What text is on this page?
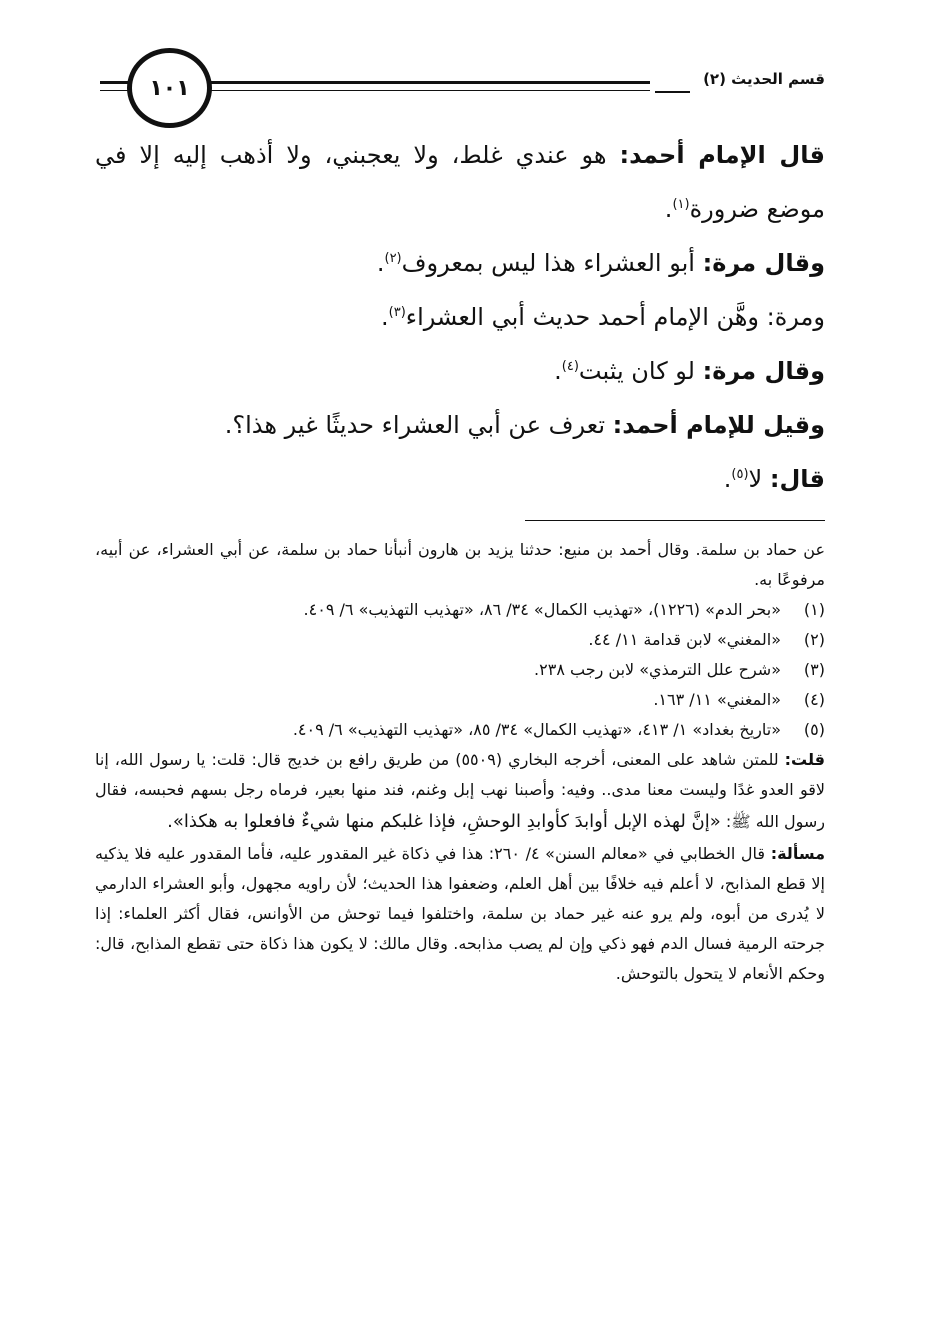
قسم الحديث (٢)
١٠١

قال الإمام أحمد: هو عندي غلط، ولا يعجبني، ولا أذهب إليه إلا في موضع ضرورة$^{(١)}$.

وقال مرة: أبو العشراء هذا ليس بمعروف$^{(٢)}$.

ومرة: وهَّن الإمام أحمد حديث أبي العشراء$^{(٣)}$.

وقال مرة: لو كان يثبت$^{(٤)}$.

وقيل للإمام أحمد: تعرف عن أبي العشراء حديثًا غير هذا؟.

قال: لا$^{(٥)}$.

عن حماد بن سلمة. وقال أحمد بن منيع: حدثنا يزيد بن هارون أنبأنا حماد بن سلمة، عن أبي العشراء، عن أبيه، مرفوعًا به.

(١)
«بحر الدم» (١٢٢٦)، «تهذيب الكمال» ٣٤/ ٨٦، «تهذيب التهذيب» ٦/ ٤٠٩.
(٢)
«المغني» لابن قدامة ١١/ ٤٤.
(٣)
«شرح علل الترمذي» لابن رجب ٢٣٨.
(٤)
«المغني» ١١/ ١٦٣.
(٥)
«تاريخ بغداد» ١/ ٤١٣، «تهذيب الكمال» ٣٤/ ٨٥، «تهذيب التهذيب» ٦/ ٤٠٩.

قلت: للمتن شاهد على المعنى، أخرجه البخاري (٥٥٠٩) من طريق رافع بن خديج قال: قلت: يا رسول الله، إنا لاقو العدو غدًا وليست معنا مدى.. وفيه: وأصبنا نهب إبل وغنم، فند منها بعير، فرماه رجل بسهم فحبسه، فقال رسول الله ﷺ: «إنَّ لهذه الإبل أوابدَ كأوابدِ الوحشِ، فإذا غلبكم منها شيءٌ فافعلوا به هكذا».

مسألة: قال الخطابي في «معالم السنن» ٤/ ٢٦٠: هذا في ذكاة غير المقدور عليه، فأما المقدور عليه فلا يذكيه إلا قطع المذابح، لا أعلم فيه خلافًا بين أهل العلم، وضعفوا هذا الحديث؛ لأن راويه مجهول، وأبو العشراء الدارمي لا يُدرى من أبوه، ولم يرو عنه غير حماد بن سلمة، واختلفوا فيما توحش من الأوانس، فقال أكثر العلماء: إذا جرحته الرمية فسال الدم فهو ذكي وإن لم يصب مذابحه. وقال مالك: لا يكون هذا ذكاة حتى تقطع المذابح، قال: وحكم الأنعام لا يتحول بالتوحش.
